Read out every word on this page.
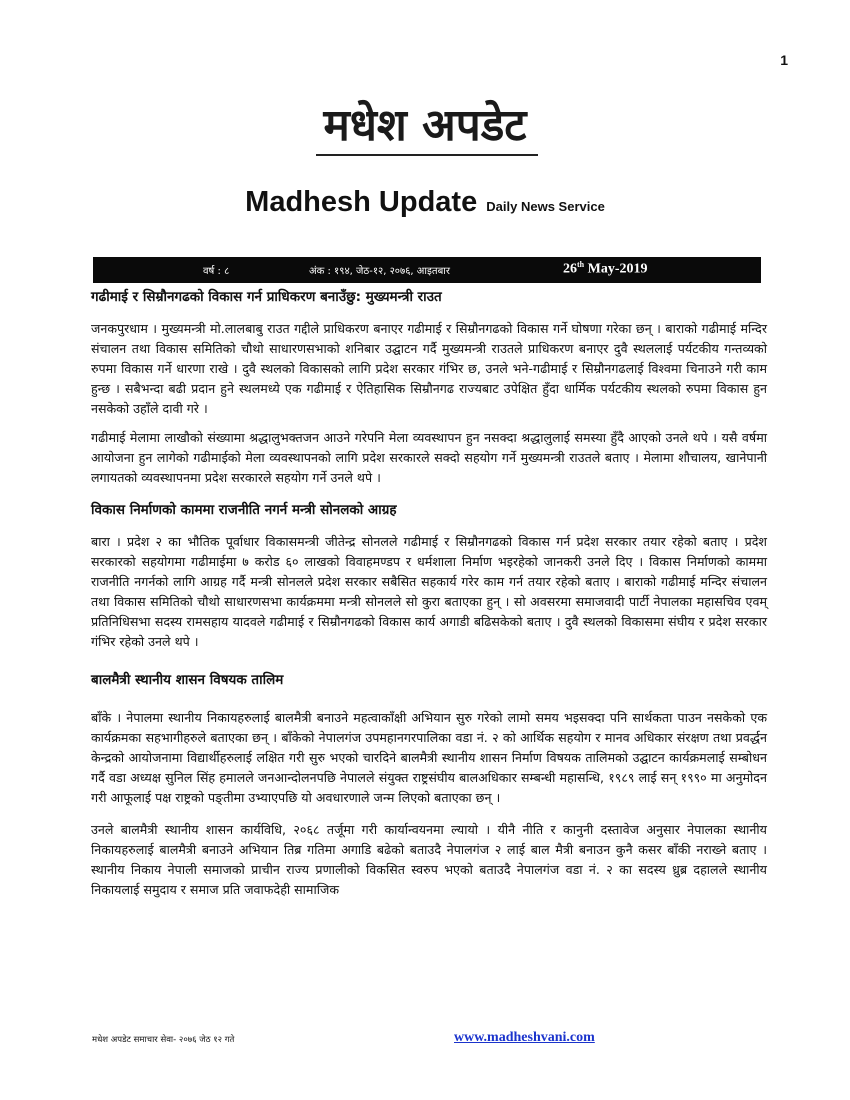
1
मधेश अपडेट
Madhesh Update Daily News Service
वर्ष : ८	अंक : १९४, जेठ-१२, २०७६, आइतबार	26th May-2019
गढीमाई र सिम्रौनगढको विकास गर्न प्राधिकरण बनाउँछु: मुख्यमन्त्री राउत

जनकपुरधाम । मुख्यमन्त्री मो.लालबाबु राउत गद्दीले प्राधिकरण बनाएर गढीमाई र सिम्रौनगढको विकास गर्ने घोषणा गरेका छन् । बाराको गढीमाई मन्दिर संचालन तथा विकास समितिको चौथो साधारणसभाको शनिबार उद्घाटन गर्दै मुख्यमन्त्री राउतले प्राधिकरण बनाएर दुवै स्थललाई पर्यटकीय गन्तव्यको रुपमा विकास गर्ने धारणा राखे । दुवै स्थलको विकासको लागि प्रदेश सरकार गंभिर छ, उनले भने-गढीमाई र सिम्रौनगढलाई विश्वमा चिनाउने गरी काम हुन्छ । सबैभन्दा बढी प्रदान हुने स्थलमध्ये एक गढीमाई र ऐतिहासिक सिम्रौनगढ राज्यबाट उपेक्षित हुँदा धार्मिक पर्यटकीय स्थलको रुपमा विकास हुन नसकेको उहाँले दावी गरे ।

गढीमाई मेलामा लाखौको संख्यामा श्रद्धालुभक्तजन आउने गरेपनि मेला व्यवस्थापन हुन नसक्दा श्रद्धालुलाई समस्या हुँदै आएको उनले थपे । यसै वर्षमा आयोजना हुन लागेको गढीमाईको मेला व्यवस्थापनको लागि प्रदेश सरकारले सक्दो सहयोग गर्ने मुख्यमन्त्री राउतले बताए । मेलामा शौचालय, खानेपानी लगायतको व्यवस्थापनमा प्रदेश सरकारले सहयोग गर्ने उनले थपे ।

विकास निर्माणको काममा राजनीति नगर्न मन्त्री सोनलको आग्रह

बारा । प्रदेश २ का भौतिक पूर्वाधार विकासमन्त्री जीतेन्द्र सोनलले गढीमाई र सिम्रौनगढको विकास गर्न प्रदेश सरकार तयार रहेको बताए । प्रदेश सरकारको सहयोगमा गढीमाईमा ७ करोड ६० लाखको विवाहमण्डप र धर्मशाला निर्माण भइरहेको जानकरी उनले दिए । विकास निर्माणको काममा राजनीति नगर्नको लागि आग्रह गर्दै मन्त्री सोनलले प्रदेश सरकार सबैसित सहकार्य गरेर काम गर्न तयार रहेको बताए । बाराको गढीमाई मन्दिर संचालन तथा विकास समितिको चौथो साधारणसभा कार्यक्रममा मन्त्री सोनलले सो कुरा बताएका हुन् । सो अवसरमा समाजवादी पार्टी नेपालका महासचिव एवम् प्रतिनिधिसभा सदस्य रामसहाय यादवले गढीमाई र सिम्रौनगढको विकास कार्य अगाडी बढिसकेको बताए । दुवै स्थलको विकासमा संघीय र प्रदेश सरकार गंभिर रहेको उनले थपे ।

बालमैत्री स्थानीय शासन विषयक तालिम

बाँके । नेपालमा स्थानीय निकायहरुलाई बालमैत्री बनाउने महत्वाकाँक्षी अभियान सुरु गरेको लामो समय भइसक्दा पनि सार्थकता पाउन नसकेको एक कार्यक्रमका सहभागीहरुले बताएका छन् । बाँकेको नेपालगंज उपमहानगरपालिका वडा नं. २ को आर्थिक सहयोग र मानव अधिकार संरक्षण तथा प्रवर्द्धन केन्द्रको आयोजनामा विद्यार्थीहरुलाई लक्षित गरी सुरु भएको चारदिने बालमैत्री स्थानीय शासन निर्माण विषयक तालिमको उद्घाटन कार्यक्रमलाई सम्बोधन गर्दै वडा अध्यक्ष सुनिल सिंह हमालले जनआन्दोलनपछि नेपालले संयुक्त राष्ट्रसंघीय बालअधिकार सम्बन्धी महासन्धि, १९८९ लाई सन् १९९० मा अनुमोदन गरी आफूलाई पक्ष राष्ट्रको पङ्तीमा उभ्याएपछि यो अवधारणाले जन्म लिएको बताएका छन् ।

उनले बालमैत्री स्थानीय शासन कार्यविधि, २०६८ तर्जूमा गरी कार्यान्वयनमा ल्यायो । यीनै नीति र कानुनी दस्तावेज अनुसार नेपालका स्थानीय निकायहरुलाई बालमैत्री बनाउने अभियान तिब्र गतिमा अगाडि बढेको बताउदै नेपालगंज २ लाई बाल मैत्री बनाउन कुनै कसर बाँकी नराख्ने बताए । स्थानीय निकाय नेपाली समाजको प्राचीन राज्य प्रणालीको विकसित स्वरुप भएको बताउदै नेपालगंज वडा नं. २ का सदस्य ध्रुब्र दहालले स्थानीय निकायलाई समुदाय र समाज प्रति जवाफदेही सामाजिक

मधेश अपडेट समाचार सेवा- २०७६ जेठ १२ गते	www.madheshvani.com
